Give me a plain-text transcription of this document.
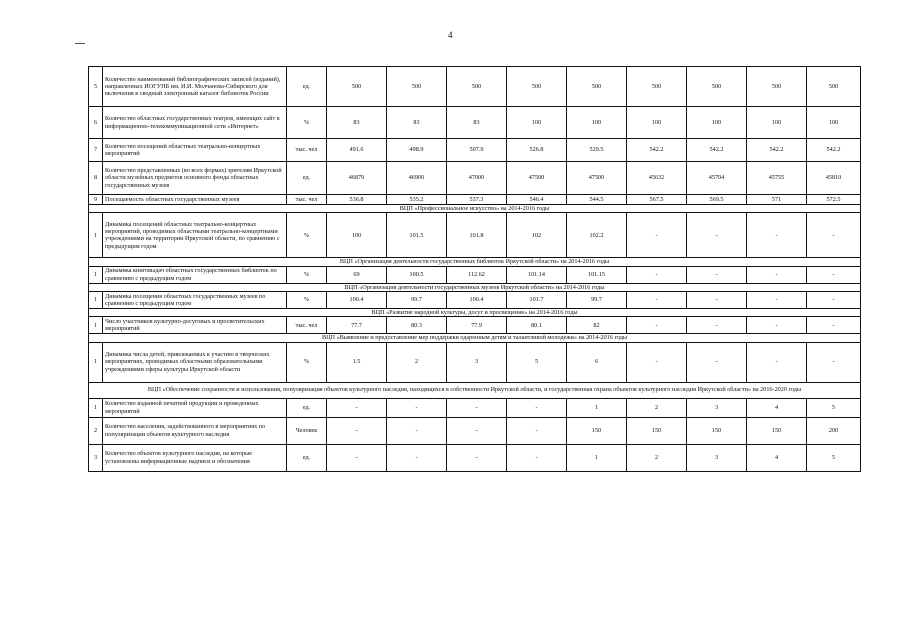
4
5	Количество наименований библиографических записей (изданий), направленных ИОГУНБ им. И.И. Молчанова-Сибирского для включения в сводный электронный каталог библиотек России	ед.	500	500	500	500	500	500	500	500	500
6	Количество областных государственных театров, имеющих сайт в информационно-телекоммуникационной сети «Интернет»	%	83	83	83	100	100	100	100	100	100
7	Количество посещений областных театрально-концертных мероприятий	тыс. чел	491.6	498.9	507.9	526.8	529.5	542.2	542.2	542.2	542.2
8	Количество представленных (во всех формах) зрителям Иркутской области музейных предметов основного фонда областных государственных музеев	ед.	46879	46900	47000	47500	47500	45632	45704	45755	45810
9	Посещаемость областных государственных музеев	тыс. чел	536.8	535.2	537.3	546.4	544.5	567.5	569.5	571	572.5
ВЦП «Профессиональное искусство» на 2014-2016 годы											
1	Динамика посещений областных театрально-концертных мероприятий, проводимых областными театрально-концертными учреждениями на территории Иркутской области, по сравнению с предыдущим годом	%	100	101.5	101.8	102	102.2	-	-	-	-
ВЦП «Организация деятельности государственных библиотек Иркутской области» на 2014-2016 годы											
1	Динамика книговыдач областных государственных библиотек по сравнению с предыдущим годом	%	69	100.5	112.62	101.14	101.15	-	-	-	-
ВЦП «Организация деятельности государственных музеев Иркутской области» на 2014-2016 годы											
1	Динамика посещения областных государственных музеев по сравнению с предыдущим годом	%	100.4	99.7	100.4	101.7	99.7	-	-	-	-
ВЦП «Развитие народной культуры, досуг и просвещение» на 2014-2016 годы											
1	Число участников культурно-досуговых и просветительских мероприятий	тыс. чел	77.7	80.3	77.9	80.1	82	-	-	-	-
ВЦП «Выявление и предоставление мер поддержки одаренным детям и талантливой молодежи» на 2014-2016 годы											
1	Динамика числа детей, привлекаемых к участию в творческих мероприятиях, проводимых областными образовательными учреждениями сферы культуры Иркутской области	%	1.5	2	3	5	6	-	-	-	-
ВЦП «Обеспечение сохранности и использования, популяризация объектов культурного наследия, находящихся в собственности Иркутской области, и государственная охрана объектов культурного наследия Иркутской области» на 2016-2020 годы											
1	Количество изданной печатной продукции и проведенных мероприятий	ед.	-	-	-	-	1	2	3	4	5
2	Количество населения, задействованного в мероприятиях по популяризации объектов культурного наследия	Человек	-	-	-	-	150	150	150	150	200
3	Количество объектов культурного наследия, на которые установлены информационные надписи и обозначения	ед.	-	-	-	-	1	2	3	4	5
